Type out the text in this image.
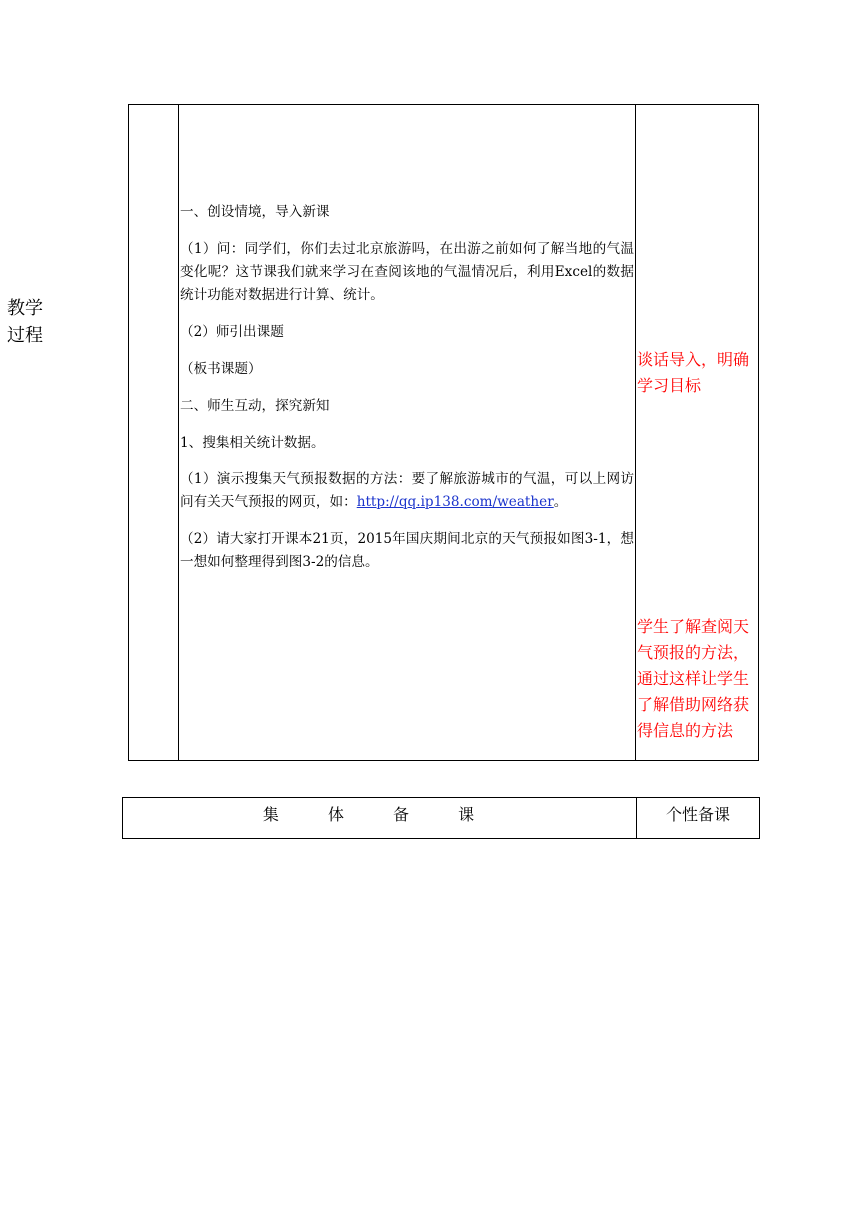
教学过程
一、创设情境，导入新课
（1）问：同学们，你们去过北京旅游吗，在出游之前如何了解当地的气温变化呢？这节课我们就来学习在查阅该地的气温情况后，利用Excel的数据统计功能对数据进行计算、统计。
（2）师引出课题
（板书课题）
二、师生互动，探究新知
1、搜集相关统计数据。
（1）演示搜集天气预报数据的方法：要了解旅游城市的气温，可以上网访问有关天气预报的网页，如：http://qq.ip138.com/weather。
（2）请大家打开课本21页，2015年国庆期间北京的天气预报如图3-1，想一想如何整理得到图3-2的信息。
谈话导入，明确学习目标
学生了解查阅天气预报的方法，通过这样让学生了解借助网络获得信息的方法
集 体 备 课	个性备课
